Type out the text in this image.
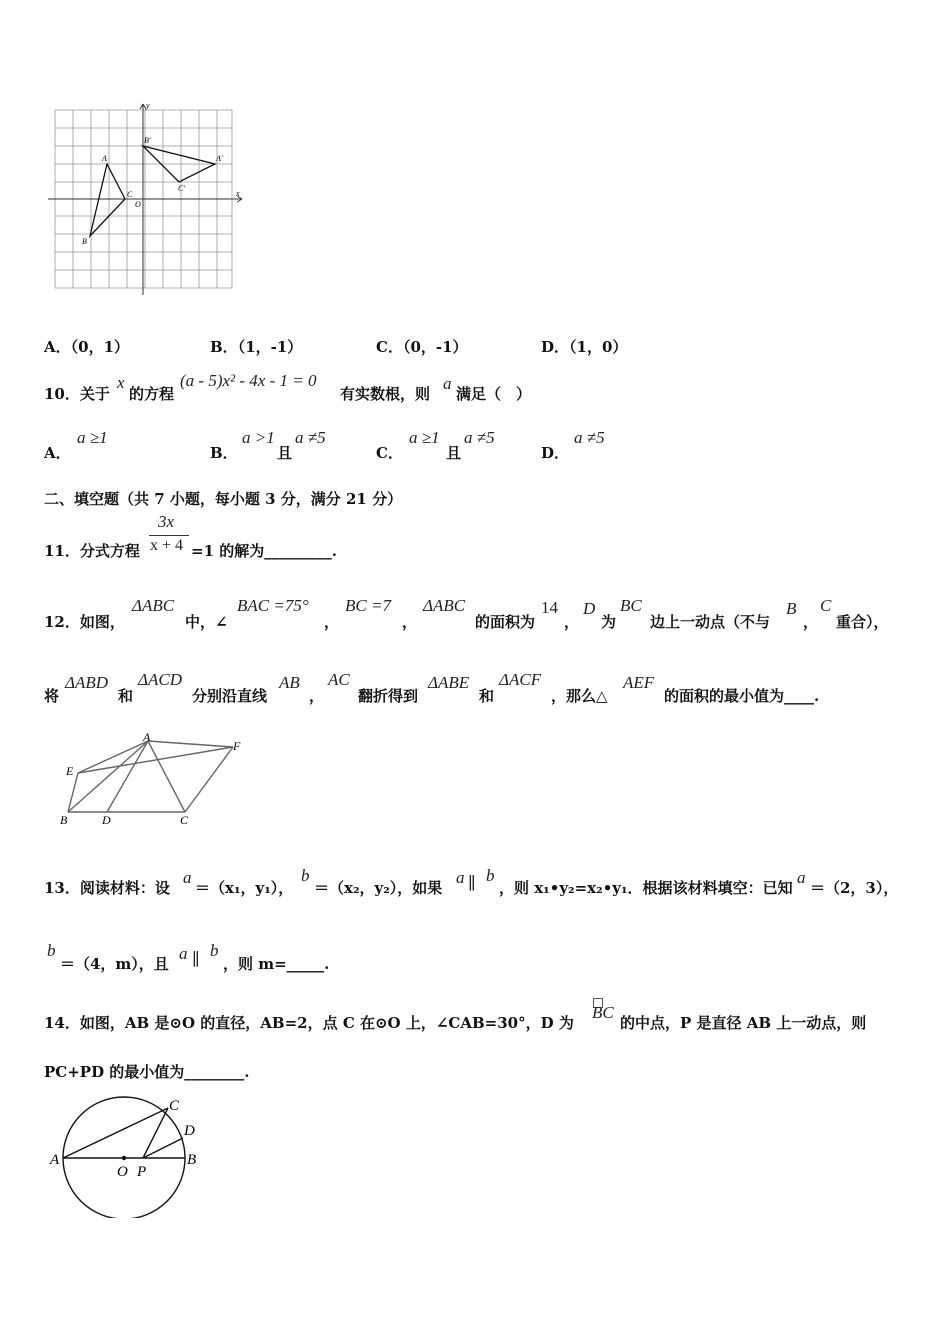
x
y
O
A
B
C
A'
B'
C'
A．（0，1）	B．（1，-1）	C．（0，-1）	D．（1，0）
10．关于
x
的方程
(a - 5)x² - 4x - 1 = 0
有实数根，则
a
满足（　）
A．
a ≥1
B．
a >1
且
a ≠5
C．
a ≥1
且
a ≠5
D．
a ≠5
二、填空题（共 7 小题，每小题 3 分，满分 21 分）
11．分式方程
3x
x + 4 =1 的解为_________.
12．如图，
ΔABC
中，∠
BAC =75°
，
BC =7
，
ΔABC
的面积为
14
，
D
为
BC
边上一动点（不与
B
，
C
重合），
将
ΔABD
和
ΔACD
分别沿直线
AB
，
AC
翻折得到
ΔABE
和
ΔACF
，那么△
AEF
的面积的最小值为____.
A
E
F
B	D	C
13．阅读材料：设
a
＝（x₁，y₁），
b
＝（x₂，y₂），如果
a ∥ b
，则 x₁•y₂=x₂•y₁．根据该材料填空：已知
a
＝（2，3），
b
＝（4，m），且
a ∥ b
，则 m=_____.
14．如图，AB 是⊙O 的直径，AB=2，点 C 在⊙O 上，∠CAB=30°，D 为
BC
的中点，P 是直径 AB 上一动点，则
PC+PD 的最小值为________.
A	B
C
D
O P
